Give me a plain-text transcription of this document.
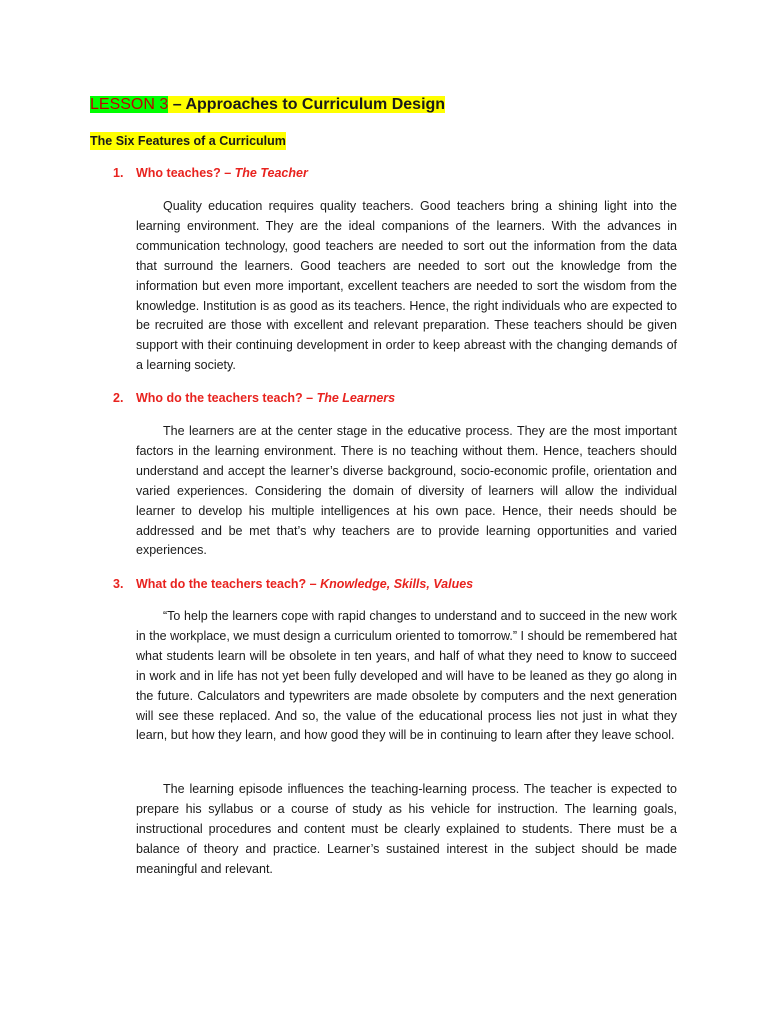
LESSON 3 – Approaches to Curriculum Design
The Six Features of a Curriculum
1. Who teaches? – The Teacher

Quality education requires quality teachers. Good teachers bring a shining light into the learning environment. They are the ideal companions of the learners. With the advances in communication technology, good teachers are needed to sort out the information from the data that surround the learners. Good teachers are needed to sort out the knowledge from the information but even more important, excellent teachers are needed to sort the wisdom from the knowledge. Institution is as good as its teachers. Hence, the right individuals who are expected to be recruited are those with excellent and relevant preparation. These teachers should be given support with their continuing development in order to keep abreast with the changing demands of a learning society.

2. Who do the teachers teach? – The Learners

The learners are at the center stage in the educative process. They are the most important factors in the learning environment. There is no teaching without them. Hence, teachers should understand and accept the learner’s diverse background, socio-economic profile, orientation and varied experiences. Considering the domain of diversity of learners will allow the individual learner to develop his multiple intelligences at his own pace. Hence, their needs should be addressed and be met that’s why teachers are to provide learning opportunities and varied experiences.

3. What do the teachers teach? – Knowledge, Skills, Values

“To help the learners cope with rapid changes to understand and to succeed in the new work in the workplace, we must design a curriculum oriented to tomorrow.” I should be remembered hat what students learn will be obsolete in ten years, and half of what they need to know to succeed in work and in life has not yet been fully developed and will have to be leaned as they go along in the future. Calculators and typewriters are made obsolete by computers and the next generation will see these replaced. And so, the value of the educational process lies not just in what they learn, but how they learn, and how good they will be in continuing to learn after they leave school.

The learning episode influences the teaching-learning process. The teacher is expected to prepare his syllabus or a course of study as his vehicle for instruction. The learning goals, instructional procedures and content must be clearly explained to students. There must be a balance of theory and practice. Learner’s sustained interest in the subject should be made meaningful and relevant.
